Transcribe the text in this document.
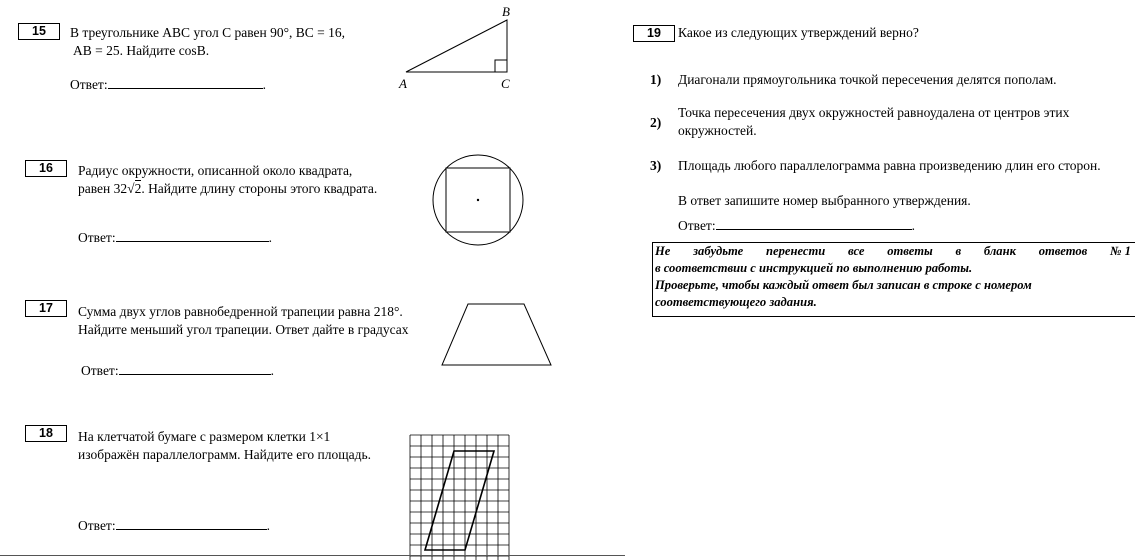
15	В треугольнике ABC угол C равен 90°, BC = 16,
AB = 25. Найдите cosB.
Ответ:	.	A
B
C
16	Радиус окружности, описанной около квадрата,
равен 32√2. Найдите длину стороны этого квадрата.
Ответ:	.
17	Сумма двух углов равнобедренной трапеции равна 218°.
Найдите меньший угол трапеции. Ответ дайте в градусах
Ответ:	.
18	На клетчатой бумаге с размером клетки 1×1
изображён параллелограмм. Найдите его площадь.
Ответ:	.
19	Какое из следующих утверждений верно?
1) Диагонали прямоугольника точкой пересечения делятся пополам.
2)
Точка пересечения двух окружностей равноудалена от центров этих
окружностей.
3) Площадь любого параллелограмма равна произведению длин его сторон.
В ответ запишите номер выбранного утверждения.
Ответ:	.
Не забудьте перенести все ответы в бланк ответов № 1
в соответствии с инструкцией по выполнению работы.
Проверьте, чтобы каждый ответ был записан в строке с номером
соответствующего задания.
